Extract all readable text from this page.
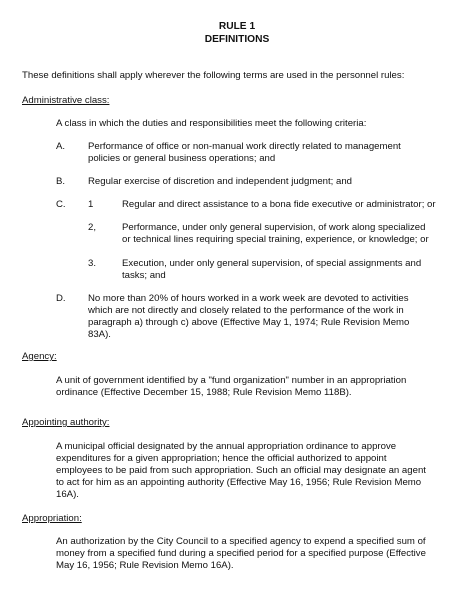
RULE 1
DEFINITIONS
These definitions shall apply wherever the following terms are used in the personnel rules:
Administrative class:
A class in which the duties and responsibilities meet the following criteria:
A. Performance of office or non-manual work directly related to management
policies or general business operations; and
B. Regular exercise of discretion and independent judgment; and
C. 1	Regular and direct assistance to a bona fide executive or administrator; or
2,	Performance, under only general supervision, of work along specialized
or technical lines requiring special training, experience, or knowledge; or
3.	Execution, under only general supervision, of special assignments and
tasks; and
D. No more than 20% of hours worked in a work week are devoted to activities
which are not directly and closely related to the performance of the work in
paragraph a) through c) above (Effective May 1, 1974; Rule Revision Memo
83A).
Agency:
A unit of government identified by a "fund organization" number in an appropriation
ordinance (Effective December 15, 1988; Rule Revision Memo 118B).
Appointing authority:
A municipal official designated by the annual appropriation ordinance to approve
expenditures for a given appropriation; hence the official authorized to appoint
employees to be paid from such appropriation. Such an official may designate an agent
to act for him as an appointing authority (Effective May 16, 1956; Rule Revision Memo
16A).
Appropriation:
An authorization by the City Council to a specified agency to expend a specified sum of
money from a specified fund during a specified period for a specified purpose (Effective
May 16, 1956; Rule Revision Memo 16A).
